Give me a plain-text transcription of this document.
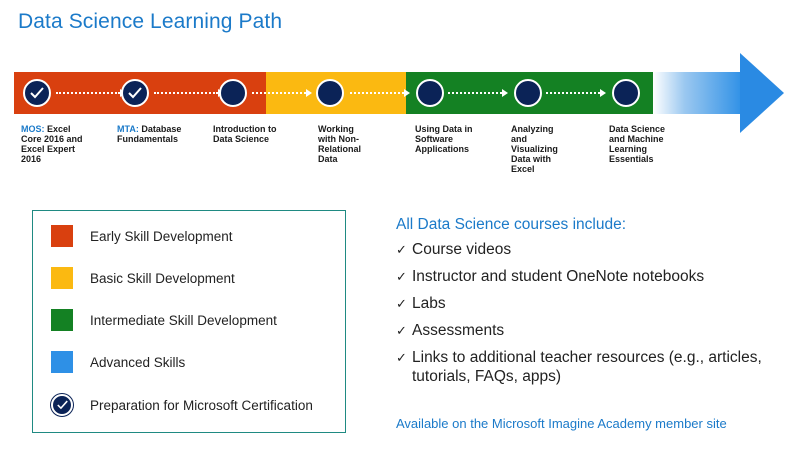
Data Science Learning Path
MOS: Excel Core 2016 and Excel Expert 2016
MTA: Database Fundamentals
Introduction to Data Science
Working with Non-Relational Data
Using Data in Software Applications
Analyzing and Visualizing Data with Excel
Data Science and Machine Learning Essentials
Early Skill Development
Basic Skill Development
Intermediate Skill Development
Advanced Skills
Preparation for Microsoft Certification
All Data Science courses include:
✓ Course videos
✓ Instructor and student OneNote notebooks
✓ Labs
✓ Assessments
✓ Links to additional teacher resources (e.g., articles, tutorials, FAQs, apps)
Available on the Microsoft Imagine Academy member site
